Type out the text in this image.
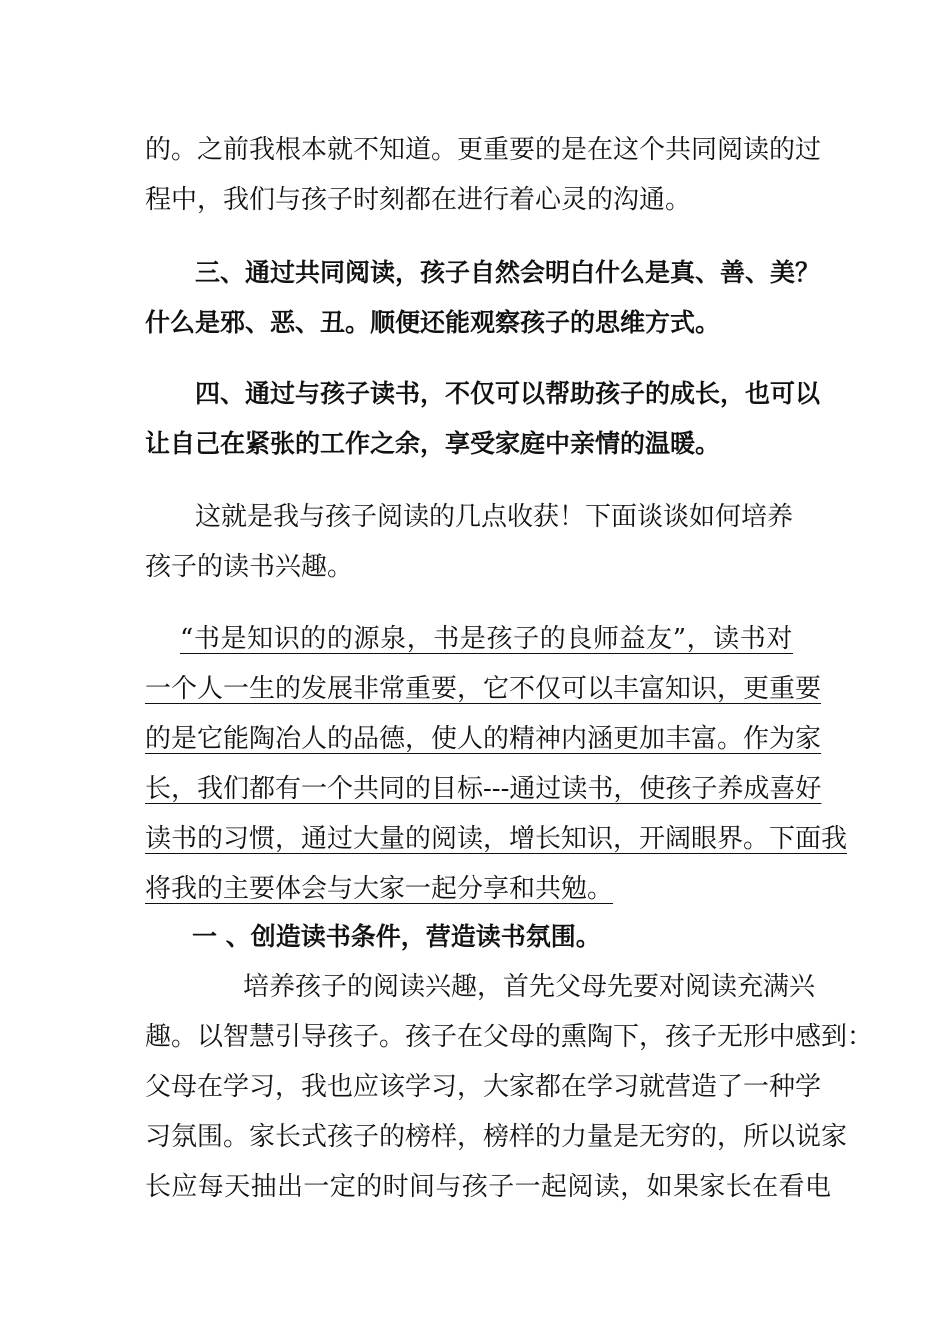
的。之前我根本就不知道。更重要的是在这个共同阅读的过
程中，我们与孩子时刻都在进行着心灵的沟通。
三、通过共同阅读，孩子自然会明白什么是真、善、美？
什么是邪、恶、丑。顺便还能观察孩子的思维方式。
四、通过与孩子读书，不仅可以帮助孩子的成长，也可以
让自己在紧张的工作之余，享受家庭中亲情的温暖。
这就是我与孩子阅读的几点收获！下面谈谈如何培养
孩子的读书兴趣。
“书是知识的的源泉，书是孩子的良师益友”，读书对
一个人一生的发展非常重要，它不仅可以丰富知识，更重要
的是它能陶冶人的品德，使人的精神内涵更加丰富。作为家
长，我们都有一个共同的目标---通过读书，使孩子养成喜好
读书的习惯，通过大量的阅读，增长知识，开阔眼界。下面我
将我的主要体会与大家一起分享和共勉。
一 、创造读书条件，营造读书氛围。
培养孩子的阅读兴趣，首先父母先要对阅读充满兴
趣。以智慧引导孩子。孩子在父母的熏陶下，孩子无形中感到：
父母在学习，我也应该学习，大家都在学习就营造了一种学
习氛围。家长式孩子的榜样，榜样的力量是无穷的，所以说家
长应每天抽出一定的时间与孩子一起阅读，如果家长在看电
